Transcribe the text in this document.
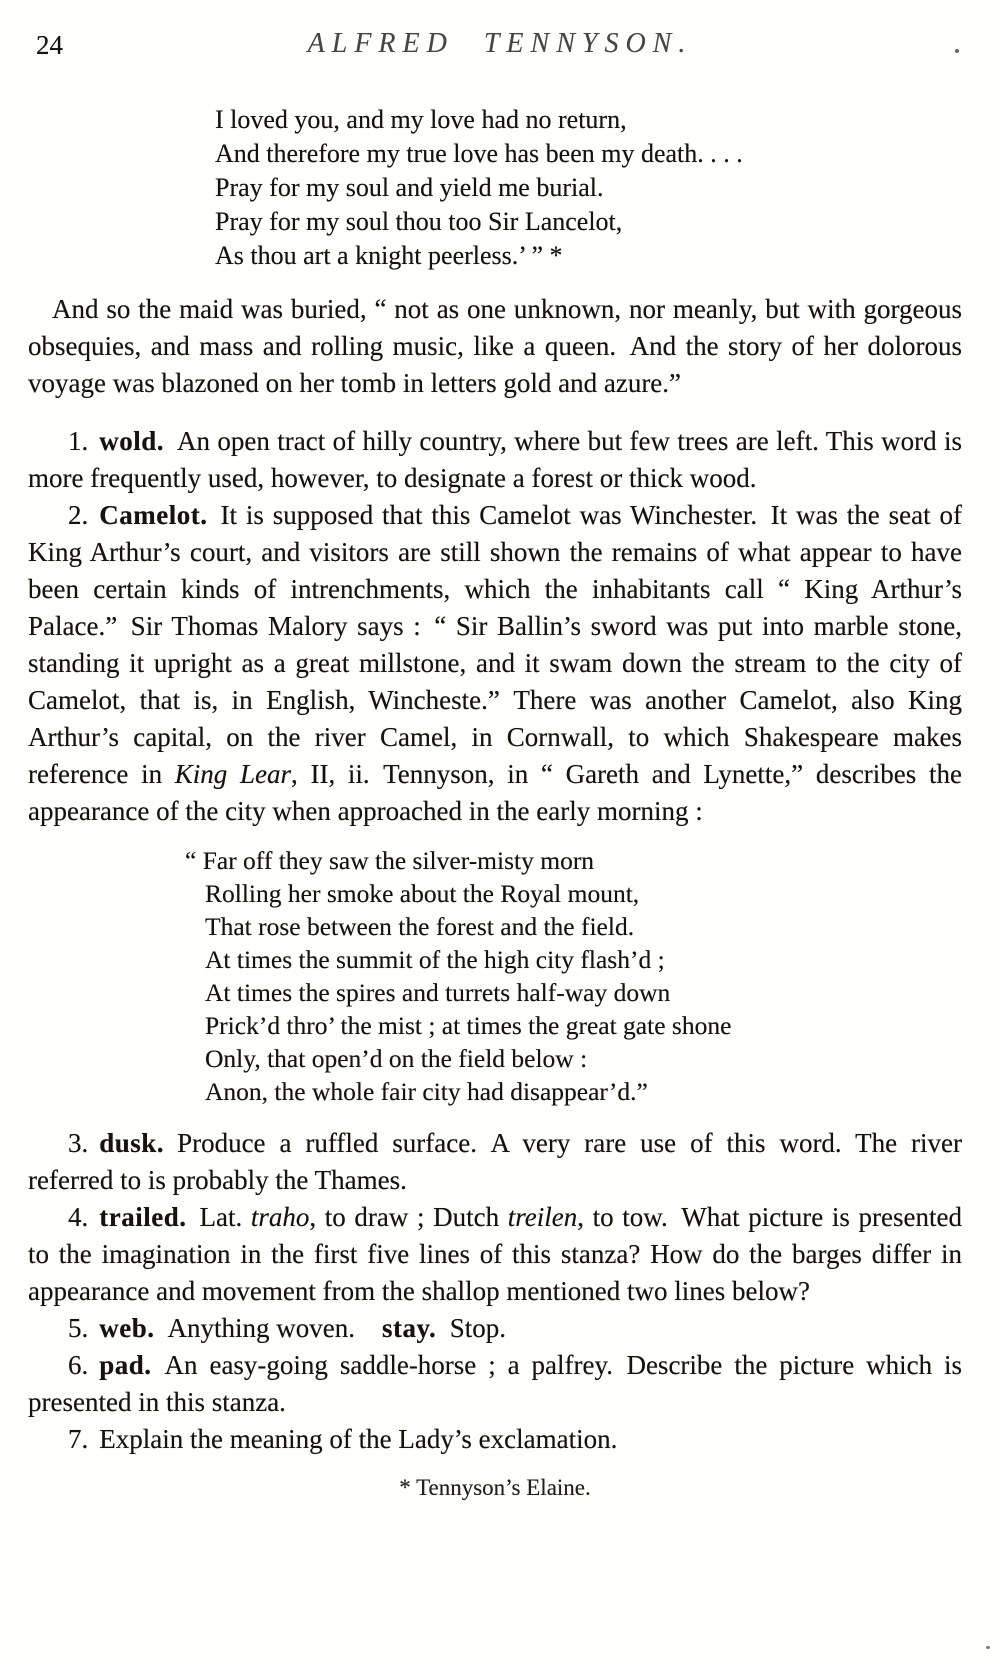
24	ALFRED TENNYSON.
I loved you, and my love had no return,
And therefore my true love has been my death. . . .
Pray for my soul and yield me burial.
Pray for my soul thou too Sir Lancelot,
As thou art a knight peerless.’ ” *

And so the maid was buried, “ not as one unknown, nor meanly, but with gorgeous obsequies, and mass and rolling music, like a queen. And the story of her dolorous voyage was blazoned on her tomb in letters gold and azure.”

1. wold. An open tract of hilly country, where but few trees are left. This word is more frequently used, however, to designate a forest or thick wood.

2. Camelot. It is supposed that this Camelot was Winchester. It was the seat of King Arthur’s court, and visitors are still shown the remains of what appear to have been certain kinds of intrenchments, which the inhabitants call “ King Arthur’s Palace.” Sir Thomas Malory says : “ Sir Ballin’s sword was put into marble stone, standing it upright as a great millstone, and it swam down the stream to the city of Camelot, that is, in English, Wincheste.” There was another Camelot, also King Arthur’s capital, on the river Camel, in Cornwall, to which Shakespeare makes reference in King Lear, II, ii. Tennyson, in “ Gareth and Lynette,” describes the appearance of the city when approached in the early morning :

“ Far off they saw the silver-misty morn
Rolling her smoke about the Royal mount,
That rose between the forest and the field.
At times the summit of the high city flash’d ;
At times the spires and turrets half-way down
Prick’d thro’ the mist ; at times the great gate shone
Only, that open’d on the field below :
Anon, the whole fair city had disappear’d.”

3. dusk. Produce a ruffled surface. A very rare use of this word. The river referred to is probably the Thames.

4. trailed. Lat. traho, to draw ; Dutch treilen, to tow. What picture is presented to the imagination in the first five lines of this stanza? How do the barges differ in appearance and movement from the shallop mentioned two lines below?

5. web. Anything woven. stay. Stop.

6. pad. An easy-going saddle-horse ; a palfrey. Describe the picture which is presented in this stanza.

7. Explain the meaning of the Lady’s exclamation.

* Tennyson’s Elaine.
